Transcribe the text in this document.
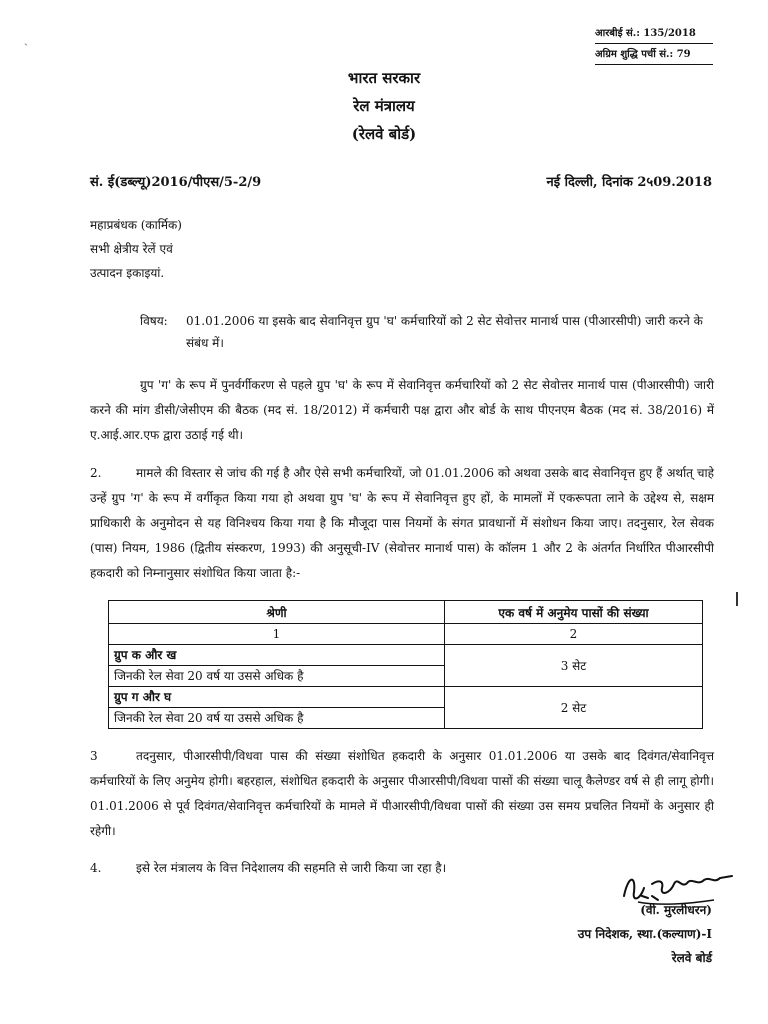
आरबीई सं.: 135/2018
अग्रिम शुद्धि पर्ची सं.: 79
ˎ
भारत सरकार
रेल मंत्रालय
(रेलवे बोर्ड)
सं. ई(डब्ल्यू)2016/पीएस/5-2/9	नई दिल्ली, दिनांक 2५09.2018
महाप्रबंधक (कार्मिक)
सभी क्षेत्रीय रेलें एवं
उत्पादन इकाइयां.
विषय: 01.01.2006 या इसके बाद सेवानिवृत्त ग्रुप 'घ' कर्मचारियों को 2 सेट सेवोत्तर मानार्थ पास (पीआरसीपी) जारी करने के संबंध में।
ग्रुप 'ग' के रूप में पुनर्वर्गीकरण से पहले ग्रुप 'घ' के रूप में सेवानिवृत्त कर्मचारियों को 2 सेट सेवोत्तर मानार्थ पास (पीआरसीपी) जारी करने की मांग डीसी/जेसीएम की बैठक (मद सं. 18/2012) में कर्मचारी पक्ष द्वारा और बोर्ड के साथ पीएनएम बैठक (मद सं. 38/2016) में ए.आई.आर.एफ द्वारा उठाई गई थी।
2.	मामले की विस्तार से जांच की गई है और ऐसे सभी कर्मचारियों, जो 01.01.2006 को अथवा उसके बाद सेवानिवृत्त हुए हैं अर्थात् चाहे उन्हें ग्रुप 'ग' के रूप में वर्गीकृत किया गया हो अथवा ग्रुप 'घ' के रूप में सेवानिवृत्त हुए हों, के मामलों में एकरूपता लाने के उद्देश्य से, सक्षम प्राधिकारी के अनुमोदन से यह विनिश्चय किया गया है कि मौजूदा पास नियमों के संगत प्रावधानों में संशोधन किया जाए। तदनुसार, रेल सेवक (पास) नियम, 1986 (द्वितीय संस्करण, 1993) की अनुसूची-IV (सेवोत्तर मानार्थ पास) के कॉलम 1 और 2 के अंतर्गत निर्धारित पीआरसीपी हकदारी को निम्नानुसार संशोधित किया जाता है:-
श्रेणी	एक वर्ष में अनुमेय पासों की संख्या
1	2

ग्रुप क और ख
जिनकी रेल सेवा 20 वर्ष या उससे अधिक है	3 सेट

ग्रुप ग और घ
जिनकी रेल सेवा 20 वर्ष या उससे अधिक है	2 सेट
3	तदनुसार, पीआरसीपी/विधवा पास की संख्या संशोधित हकदारी के अनुसार 01.01.2006 या उसके बाद दिवंगत/सेवानिवृत्त कर्मचारियों के लिए अनुमेय होगी। बहरहाल, संशोधित हकदारी के अनुसार पीआरसीपी/विधवा पासों की संख्या चालू कैलेण्डर वर्ष से ही लागू होगी। 01.01.2006 से पूर्व दिवंगत/सेवानिवृत्त कर्मचारियों के मामले में पीआरसीपी/विधवा पासों की संख्या उस समय प्रचलित नियमों के अनुसार ही रहेगी।
4.	इसे रेल मंत्रालय के वित्त निदेशालय की सहमति से जारी किया जा रहा है।
(वी. मुरलीधरन)
उप निदेशक, स्था.(कल्याण)-I
रेलवे बोर्ड
